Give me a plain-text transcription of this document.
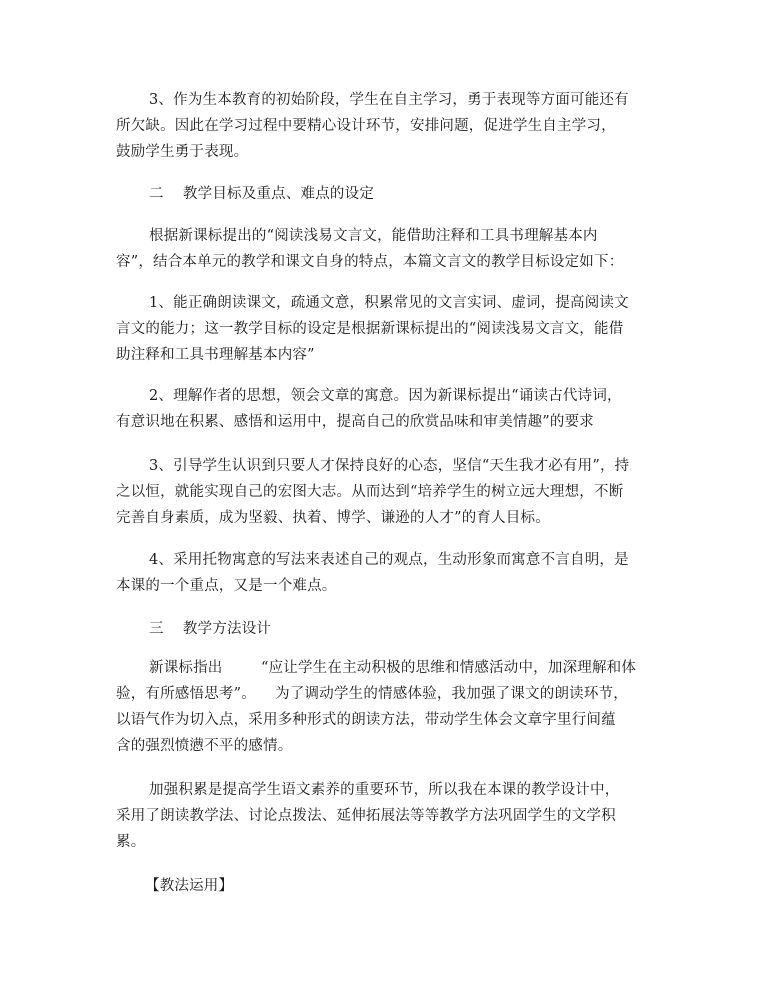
3、作为生本教育的初始阶段，学生在自主学习，勇于表现等方面可能还有
所欠缺。因此在学习过程中要精心设计环节，安排问题，促进学生自主学习，
鼓励学生勇于表现。
二    教学目标及重点、难点的设定
根据新课标提出的“阅读浅易文言文，能借助注释和工具书理解基本内
容”，结合本单元的教学和课文自身的特点，本篇文言文的教学目标设定如下：
1、能正确朗读课文，疏通文意，积累常见的文言实词、虚词，提高阅读文
言文的能力；这一教学目标的设定是根据新课标提出的“阅读浅易文言文，能借
助注释和工具书理解基本内容”
2、理解作者的思想，领会文章的寓意。因为新课标提出“诵读古代诗词，
有意识地在积累、感悟和运用中，提高自己的欣赏品味和审美情趣”的要求
3、引导学生认识到只要人才保持良好的心态，坚信“天生我才必有用”，持
之以恒，就能实现自己的宏图大志。从而达到“培养学生的树立远大理想，不断
完善自身素质，成为坚毅、执着、博学、谦逊的人才”的育人目标。
4、采用托物寓意的写法来表述自己的观点，生动形象而寓意不言自明，是
本课的一个重点，又是一个难点。
三    教学方法设计
新课标指出        “应让学生在主动积极的思维和情感活动中，加深理解和体
验，有所感悟思考”。    为了调动学生的情感体验，我加强了课文的朗读环节，
以语气作为切入点，采用多种形式的朗读方法，带动学生体会文章字里行间蕴
含的强烈愤懑不平的感情。
加强积累是提高学生语文素养的重要环节，所以我在本课的教学设计中，
采用了朗读教学法、讨论点拨法、延伸拓展法等等教学方法巩固学生的文学积
累。
【教法运用】
